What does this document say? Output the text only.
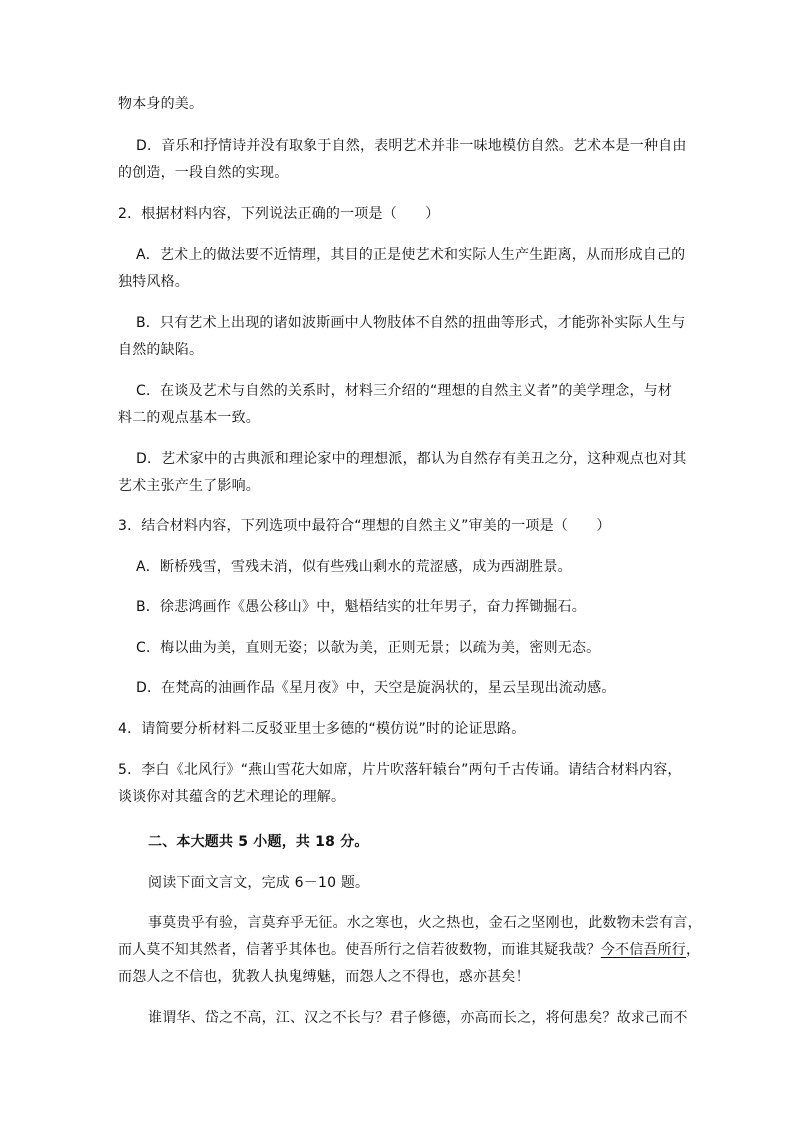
物本身的美。
D．音乐和抒情诗并没有取象于自然，表明艺术并非一味地模仿自然。艺术本是一种自由
的创造，一段自然的实现。
2．根据材料内容，下列说法正确的一项是（　　）
A．艺术上的做法要不近情理，其目的正是使艺术和实际人生产生距离，从而形成自己的
独特风格。
B．只有艺术上出现的诸如波斯画中人物肢体不自然的扭曲等形式，才能弥补实际人生与
自然的缺陷。
C．在谈及艺术与自然的关系时，材料三介绍的“理想的自然主义者”的美学理念，与材
料二的观点基本一致。
D．艺术家中的古典派和理论家中的理想派，都认为自然存有美丑之分，这种观点也对其
艺术主张产生了影响。
3．结合材料内容，下列选项中最符合“理想的自然主义”审美的一项是（　　）
A．断桥残雪，雪残未消，似有些残山剩水的荒涩感，成为西湖胜景。
B．徐悲鸿画作《愚公移山》中，魁梧结实的壮年男子，奋力挥锄掘石。
C．梅以曲为美，直则无姿；以欹为美，正则无景；以疏为美，密则无态。
D．在梵高的油画作品《星月夜》中，天空是旋涡状的，星云呈现出流动感。
4．请简要分析材料二反驳亚里士多德的“模仿说”时的论证思路。
5．李白《北风行》“燕山雪花大如席，片片吹落轩辕台”两句千古传诵。请结合材料内容，
谈谈你对其蕴含的艺术理论的理解。
二、本大题共 5 小题，共 18 分。
阅读下面文言文，完成 6－10 题。
事莫贵乎有验，言莫弃乎无征。水之寒也，火之热也，金石之坚刚也，此数物未尝有言，
而人莫不知其然者，信著乎其体也。使吾所行之信若彼数物，而谁其疑我哉？今不信吾所行，
而怨人之不信也，犹教人执鬼缚魅，而怨人之不得也，惑亦甚矣！
谁谓华、岱之不高，江、汉之不长与？君子修德，亦高而长之，将何患矣？故求己而不
